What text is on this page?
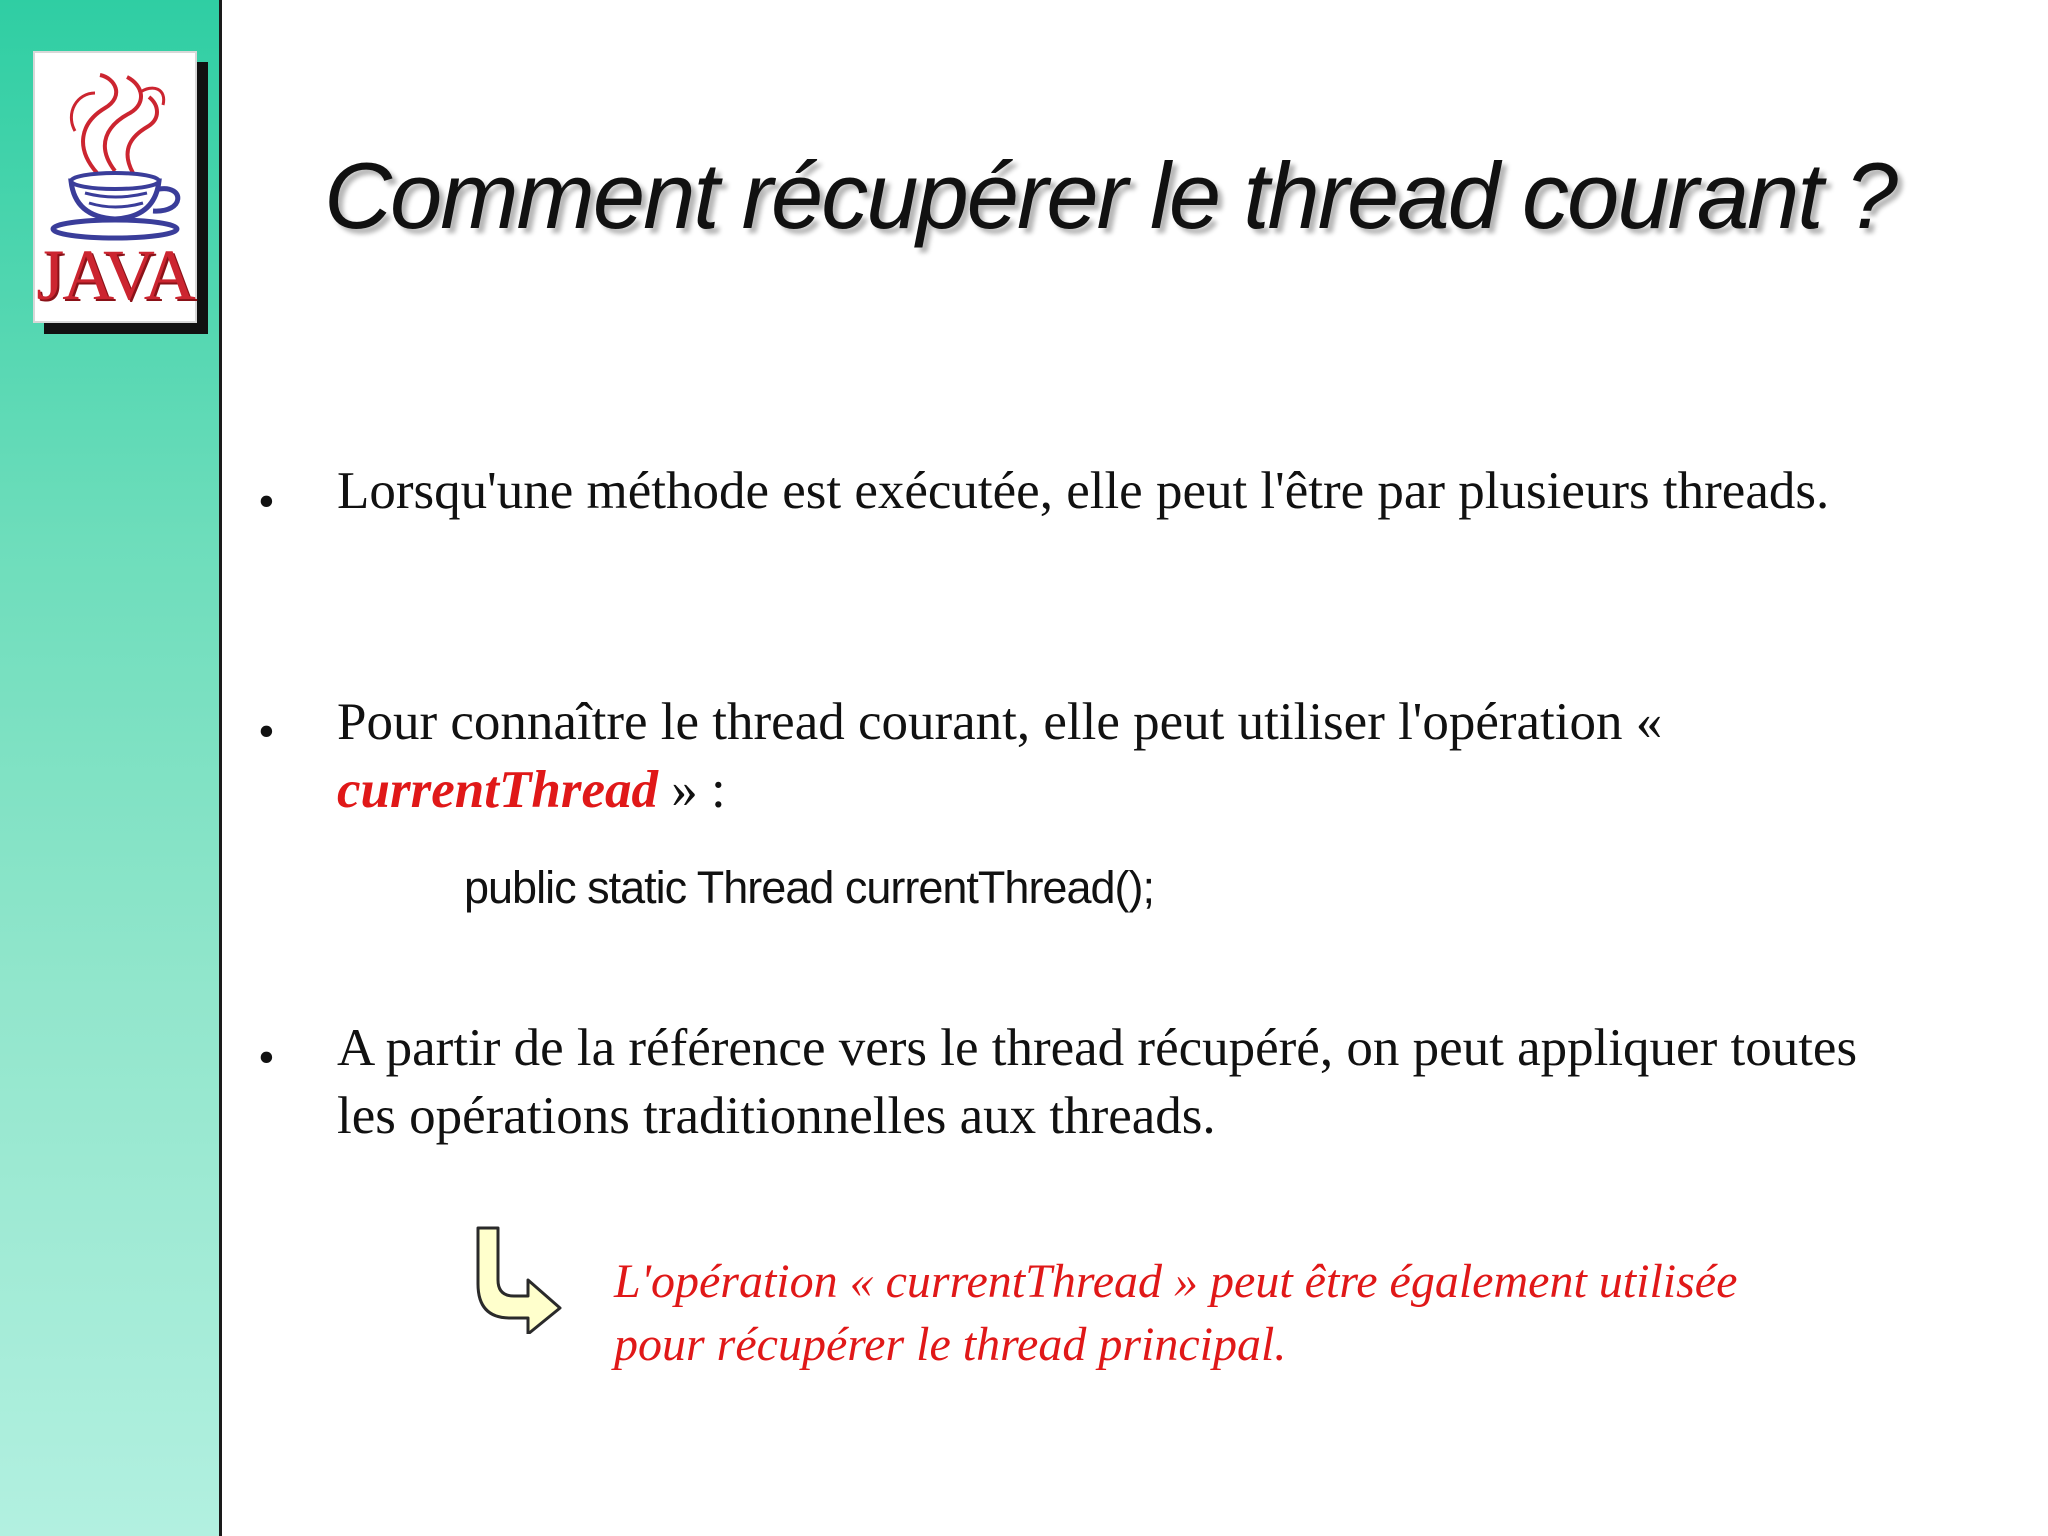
JAVA
Comment récupérer le thread courant ?
• Lorsqu'une méthode est exécutée, elle peut l'être par plusieurs threads.
• Pour connaître le thread courant, elle peut utiliser l'opération « currentThread » :
public static Thread currentThread();
• A partir de la référence vers le thread récupéré, on peut appliquer toutes les opérations traditionnelles aux threads.
L'opération « currentThread » peut être également utilisée pour récupérer le thread principal.
